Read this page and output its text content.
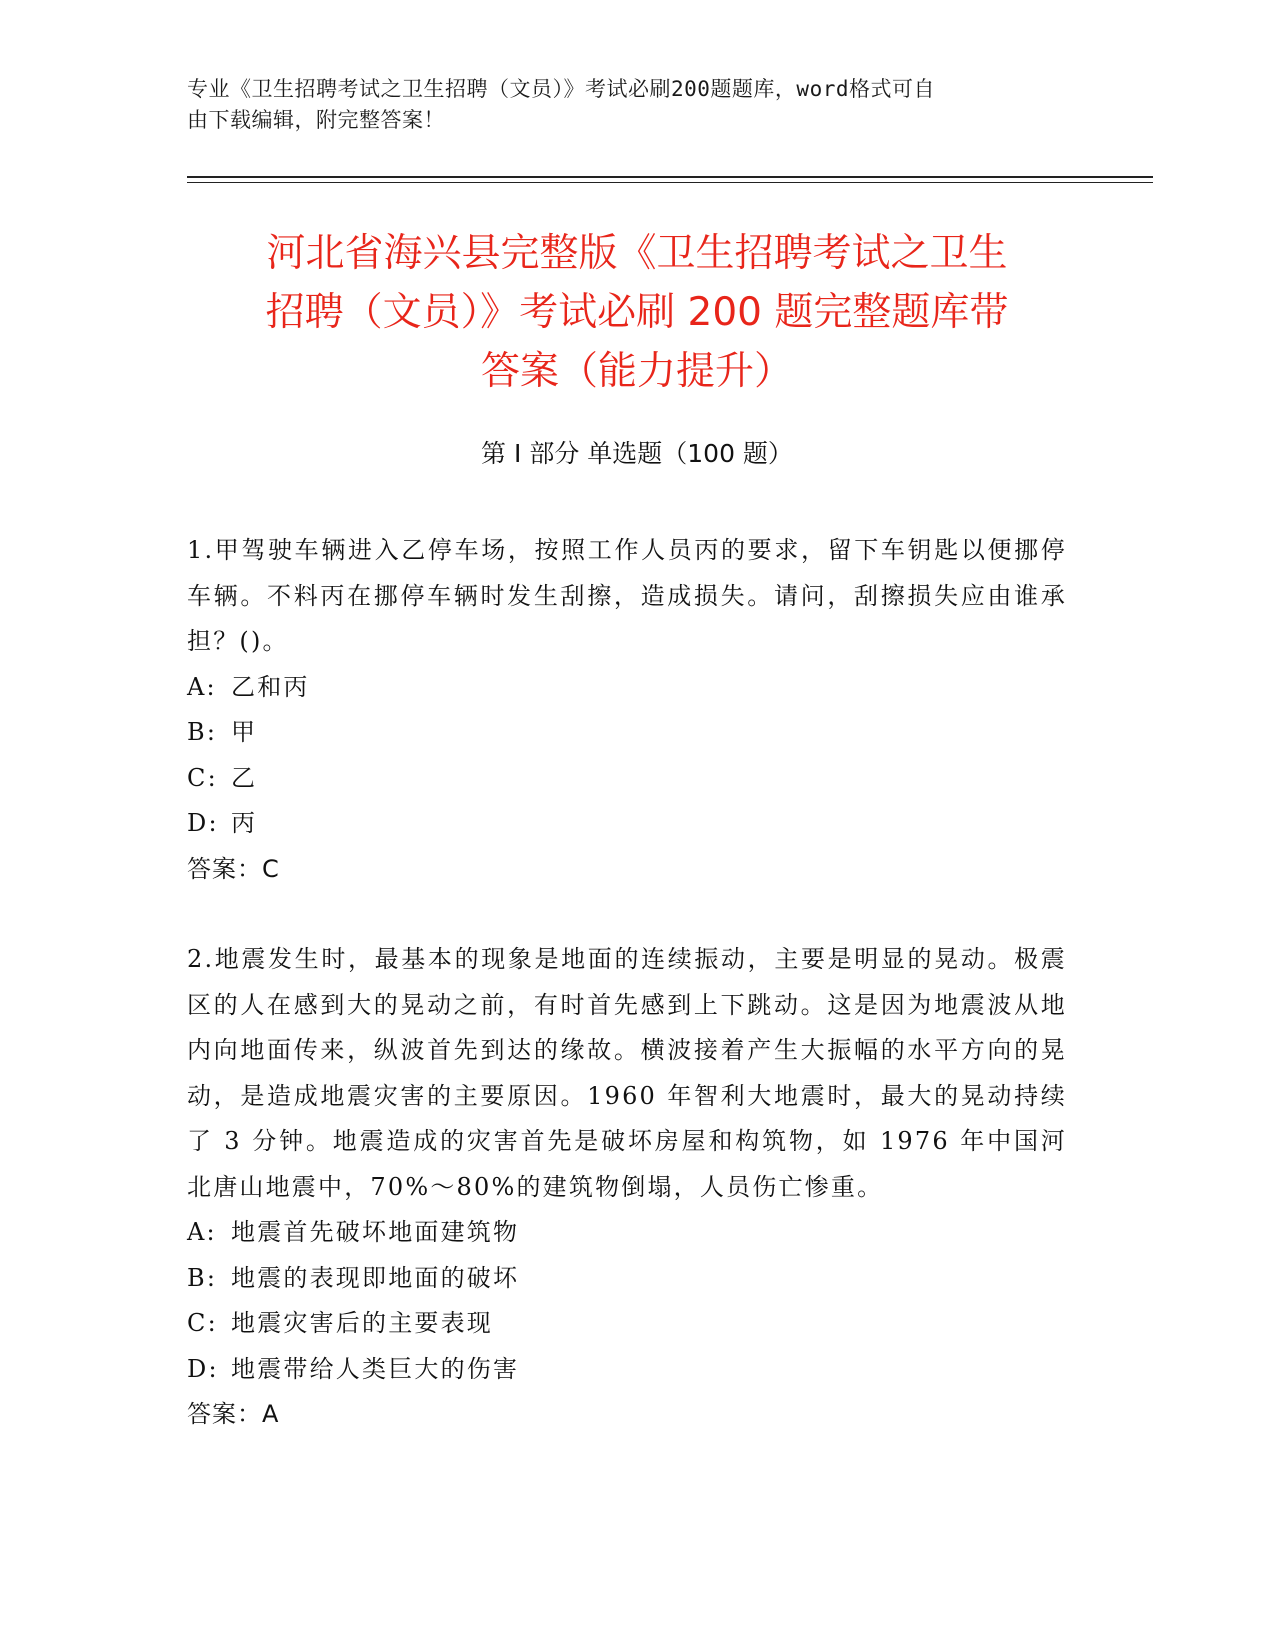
专业《卫生招聘考试之卫生招聘（文员）》考试必刷200题题库，word格式可自
由下载编辑，附完整答案！

河北省海兴县完整版《卫生招聘考试之卫生
招聘（文员）》考试必刷 200 题完整题库带
答案（能力提升）
第 I 部分 单选题（100 题）

1.甲驾驶车辆进入乙停车场，按照工作人员丙的要求，留下车钥匙以便挪停车辆。不料丙在挪停车辆时发生刮擦，造成损失。请问，刮擦损失应由谁承担？()。

A: 乙和丙

B: 甲

C: 乙

D: 丙

答案：C

2.地震发生时，最基本的现象是地面的连续振动，主要是明显的晃动。极震区的人在感到大的晃动之前，有时首先感到上下跳动。这是因为地震波从地内向地面传来，纵波首先到达的缘故。横波接着产生大振幅的水平方向的晃动，是造成地震灾害的主要原因。1960 年智利大地震时，最大的晃动持续了 3 分钟。地震造成的灾害首先是破坏房屋和构筑物，如 1976 年中国河北唐山地震中，70%～80%的建筑物倒塌，人员伤亡惨重。

A: 地震首先破坏地面建筑物

B: 地震的表现即地面的破坏

C: 地震灾害后的主要表现

D: 地震带给人类巨大的伤害

答案：A
